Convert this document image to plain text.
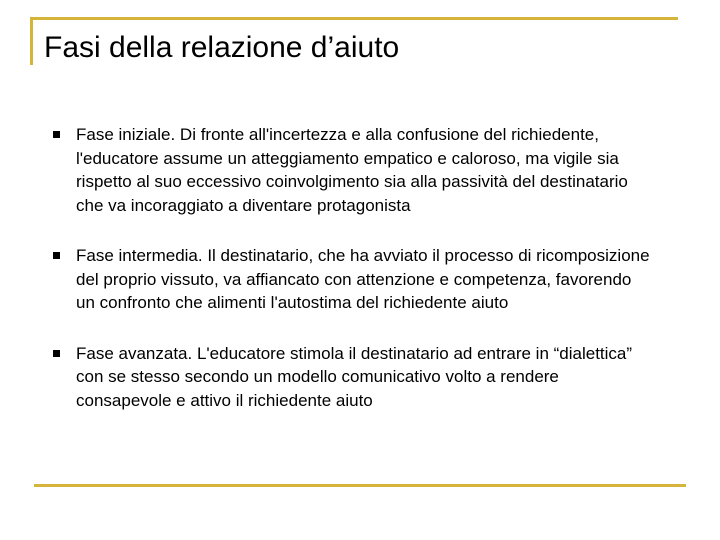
Fasi della relazione d’aiuto
Fase iniziale. Di fronte all'incertezza e alla confusione del richiedente, l'educatore assume un atteggiamento empatico e caloroso, ma vigile sia rispetto al suo eccessivo coinvolgimento sia alla passività del destinatario che va incoraggiato a diventare protagonista
Fase intermedia. Il destinatario, che ha avviato il processo di ricomposizione del proprio vissuto, va affiancato con attenzione e competenza, favorendo un confronto che alimenti l'autostima del richiedente aiuto
Fase avanzata. L'educatore stimola il destinatario ad entrare in “dialettica” con se stesso secondo un modello comunicativo volto a rendere consapevole e attivo il richiedente aiuto
